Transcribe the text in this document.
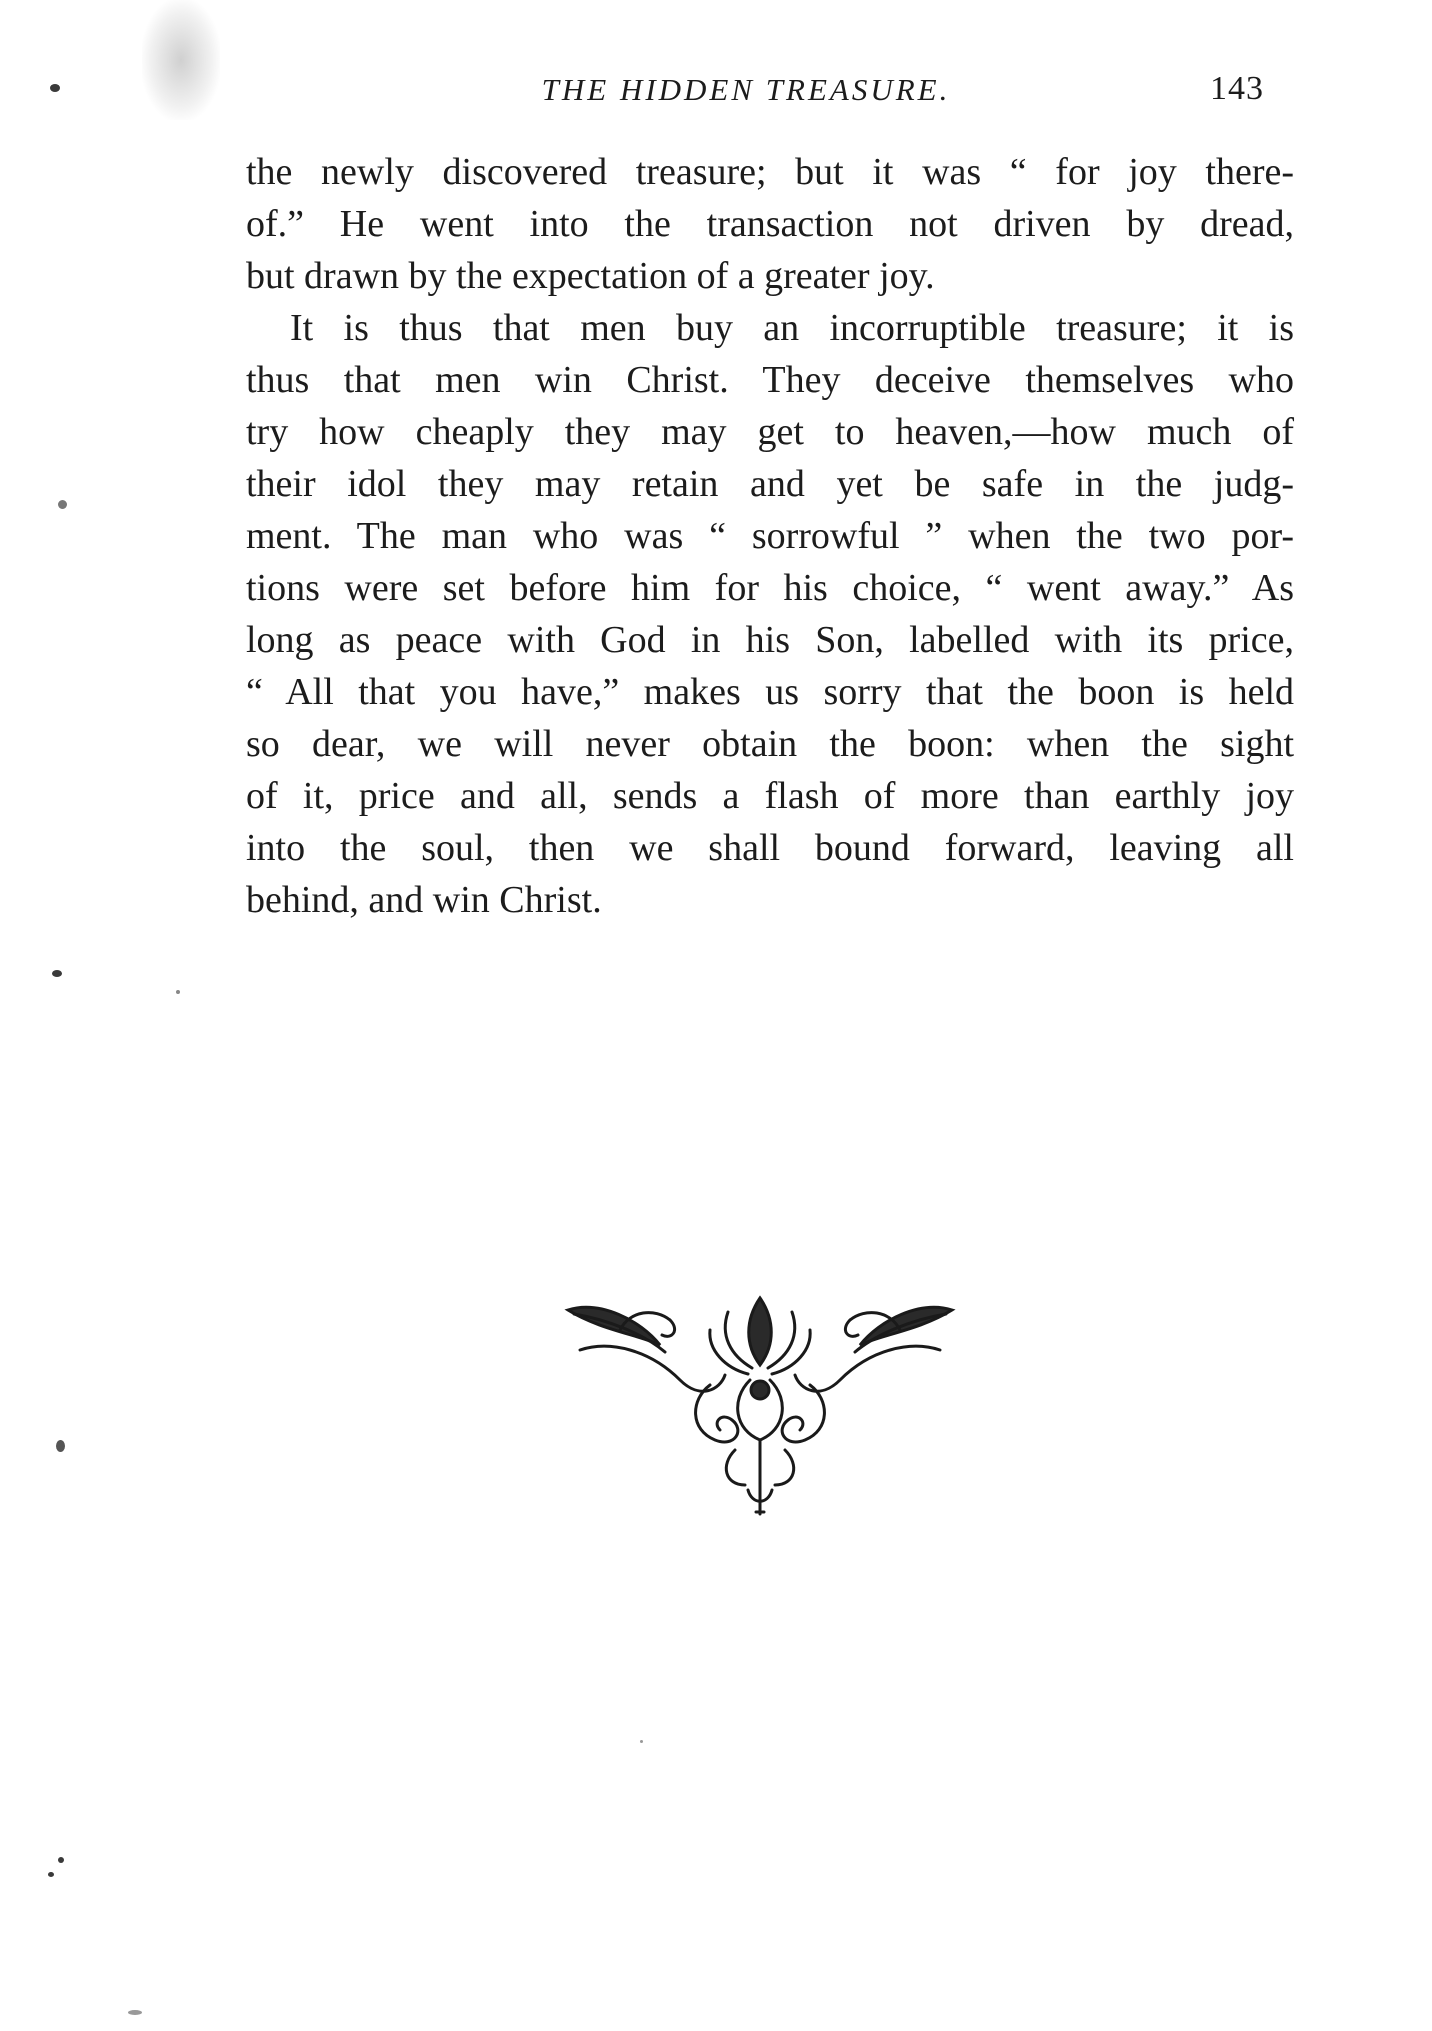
THE HIDDEN TREASURE.	143
the newly discovered treasure; but it was “ for joy there-
of.” He went into the transaction not driven by dread,
but drawn by the expectation of a greater joy.
It is thus that men buy an incorruptible treasure; it is
thus that men win Christ. They deceive themselves who
try how cheaply they may get to heaven,—how much of
their idol they may retain and yet be safe in the judg-
ment. The man who was “ sorrowful ” when the two por-
tions were set before him for his choice, “ went away.” As
long as peace with God in his Son, labelled with its price,
“ All that you have,” makes us sorry that the boon is held
so dear, we will never obtain the boon: when the sight
of it, price and all, sends a flash of more than earthly joy
into the soul, then we shall bound forward, leaving all
behind, and win Christ.
